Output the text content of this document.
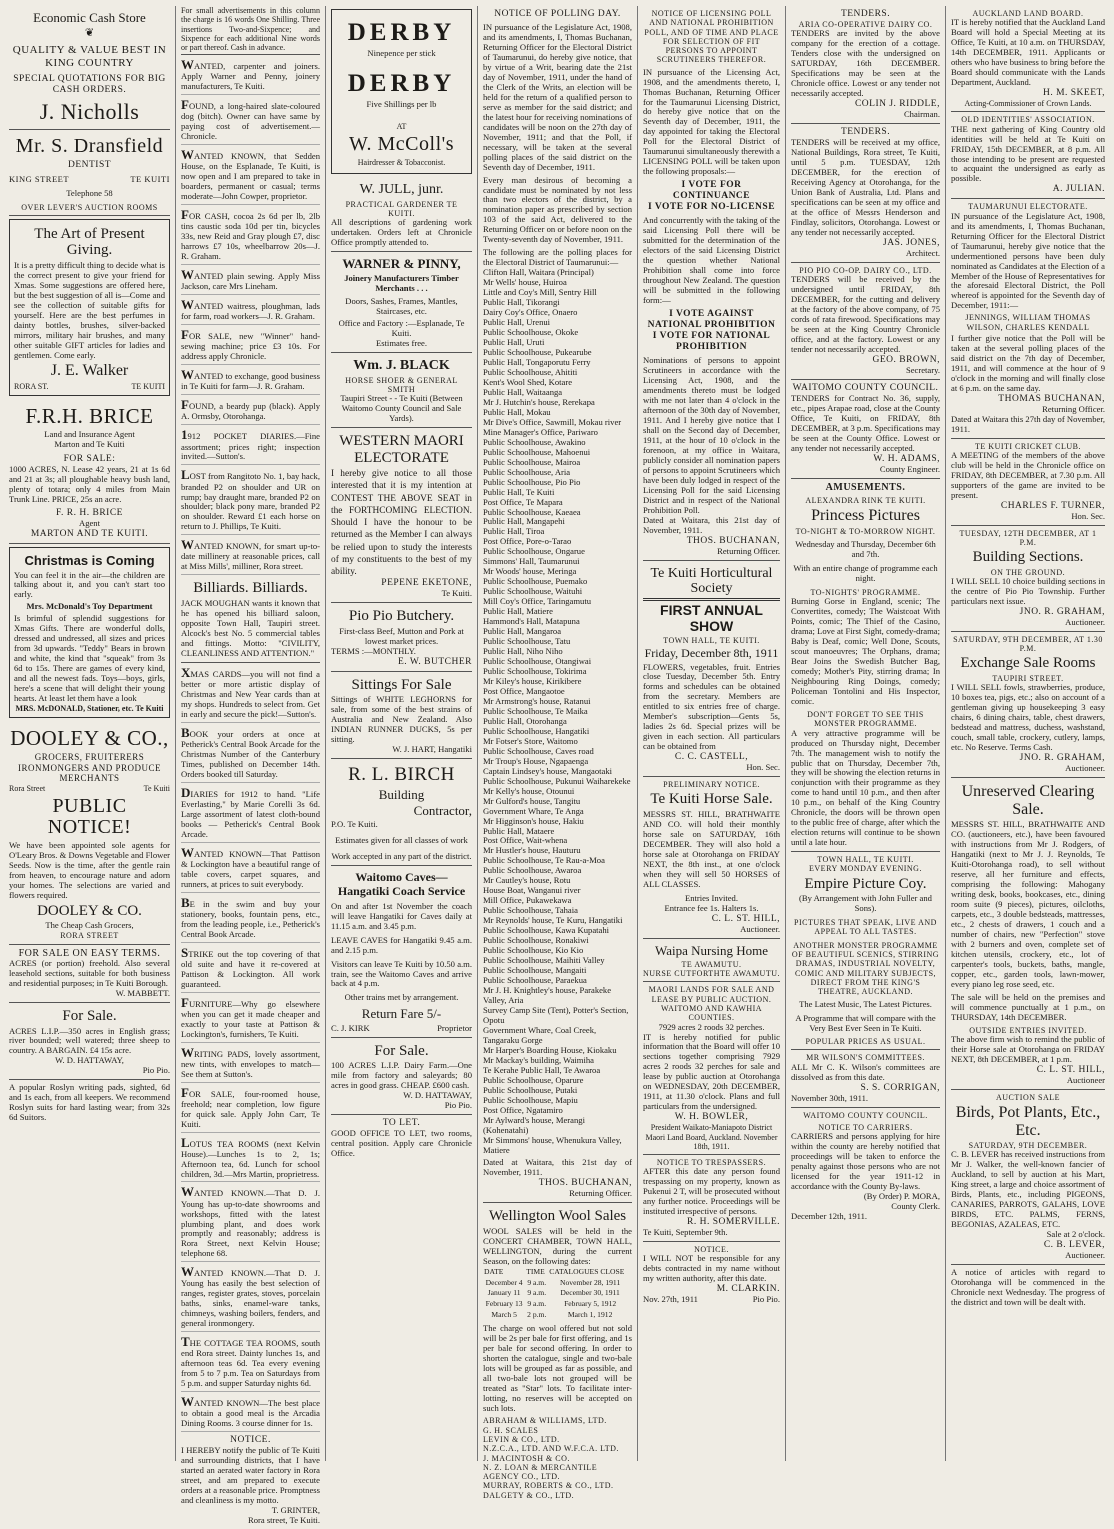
Economic Cash Store
❦
QUALITY & VALUE BEST IN KING COUNTRY
SPECIAL QUOTATIONS FOR BIG CASH ORDERS.
J. Nicholls
Mr. S. Dransfield
DENTIST
KING STREET	TE KUITI
Telephone 58
OVER LEVER'S AUCTION ROOMS
The Art of Present Giving.
It is a pretty difficult thing to decide what is the correct present to give your friend for Xmas. Some suggestions are offered here, but the best suggestion of all is—Come and see the collection of suitable gifts for yourself. Here are the best perfumes in dainty bottles, brushes, silver-backed mirrors, military hair brushes, and many other suitable GIFT articles for ladies and gentlemen. Come early.
J. E. Walker
RORA ST.	TE KUITI
F.R.H. BRICE
Land and Insurance Agent
Marton and Te Kuiti
FOR SALE:
1000 ACRES, N. Lease 42 years, 21 at 1s 6d and 21 at 3s; all ploughable heavy bush land, plenty of totara; only 4 miles from Main Trunk Line. PRICE, 25s an acre.
F. R. H. BRICE
Agent
MARTON AND TE KUITI.
Christmas is Coming
You can feel it in the air—the children are talking about it, and you can't start too early.
Mrs. McDonald's Toy Department
Is brimful of splendid suggestions for Xmas Gifts. There are wonderful dolls, dressed and undressed, all sizes and prices from 3d upwards. "Teddy" Bears in brown and white, the kind that "squeak" from 3s 6d to 15s. There are games of every kind, and all the newest fads. Toys—boys, girls, here's a scene that will delight their young hearts. At least let them have a look
MRS. McDONALD, Stationer, etc. Te Kuiti
DOOLEY & CO.,
GROCERS, FRUITERERS IRONMONGERS AND PRODUCE MERCHANTS
Rora Street	Te Kuiti
PUBLIC NOTICE!
We have been appointed sole agents for O'Leary Bros. & Downs Vegetable and Flower Seeds. Now is the time, after the gentle rain from heaven, to encourage nature and adorn your homes. The selections are varied and flowers required.
DOOLEY & CO.
The Cheap Cash Grocers,
RORA STREET
FOR SALE ON EASY TERMS.
ACRES (or portion) freehold. Also several leasehold sections, suitable for both business and residential purposes; in Te Kuiti Borough.
W. MABBETT.
For Sale.
ACRES L.I.P.—350 acres in English grass; river bounded; well watered; three sheep to country. A BARGAIN. £4 15s acre.
W. D. HATTAWAY,
Pio Pio.
A popular Roslyn writing pads, sighted, 6d and 1s each, from all keepers. We recommend Roslyn suits for hard lasting wear; from 32s 6d Suitors.
For small advertisements in this column the charge is 16 words One Shilling. Three insertions Two-and-Sixpence; and Sixpence for each additional Nine words or part thereof. Cash in advance.
WANTED, carpenter and joiners. Apply Warner and Penny, joinery manufacturers, Te Kuiti.
FOUND, a long-haired slate-coloured dog (bitch). Owner can have same by paying cost of advertisement.—Chronicle.
WANTED KNOWN, that Sedden House, on the Esplanade, Te Kuiti, is now open and I am prepared to take in boarders, permanent or casual; terms moderate—John Cowper, proprietor.
FOR CASH, cocoa 2s 6d per lb, 2lb tins caustic soda 10d per tin, bicycles 33s, new Reid and Gray plough £7, disc harrows £7 10s, wheelbarrow 20s—J. R. Graham.
WANTED plain sewing. Apply Miss Jackson, care Mrs Lineham.
WANTED waitress, ploughman, lads for farm, road workers—J. R. Graham.
FOR SALE, new "Winner" hand-sewing machine; price £3 10s. For address apply Chronicle.
WANTED to exchange, good business in Te Kuiti for farm—J. R. Graham.
FOUND, a beardy pup (black). Apply A. Ormsby, Otorohanga.
1912 POCKET DIARIES.—Fine assortment; prices right; inspection invited.—Sutton's.
LOST from Rangitoto No. 1, bay hack, branded P2 on shoulder and UR on rump; bay draught mare, branded P2 on shoulder; black pony mare, branded P2 on shoulder. Reward £1 each horse on return to J. Phillips, Te Kuiti.
WANTED KNOWN, for smart up-to-date millinery at reasonable prices, call at Miss Mills', milliner, Rora street.
Billiards. Billiards.
JACK MOUGHAN wants it known that he has opened his billiard saloon, opposite Town Hall, Taupiri street. Alcock's best No. 5 commercial tables and fittings. Motto: "CIVILITY, CLEANLINESS AND ATTENTION."
XMAS CARDS—you will not find a better or more artistic display of Christmas and New Year cards than at my shops. Hundreds to select from. Get in early and secure the pick!—Sutton's.
BOOK your orders at once at Petherick's Central Book Arcade for the Christmas Number of the Canterbury Times, published on December 14th. Orders booked till Saturday.
DIARIES for 1912 to hand. "Life Everlasting," by Marie Corelli 3s 6d. Large assortment of latest cloth-bound books — Petherick's Central Book Arcade.
WANTED KNOWN—That Pattison & Lockington have a beautiful range of table covers, carpet squares, and runners, at prices to suit everybody.
BE in the swim and buy your stationery, books, fountain pens, etc., from the leading people, i.e., Petherick's Central Book Arcade.
STRIKE out the top covering of that old suite and have it re-covered at Pattison & Lockington. All work guaranteed.
FURNITURE—Why go elsewhere when you can get it made cheaper and exactly to your taste at Pattison & Lockington's, furnishers, Te Kuiti.
WRITING PADS, lovely assortment, new tints, with envelopes to match—See them at Sutton's.
FOR SALE, four-roomed house, freehold; near completion, low figure for quick sale. Apply John Carr, Te Kuiti.
LOTUS TEA ROOMS (next Kelvin House).—Lunches 1s to 2, 1s; Afternoon tea, 6d. Lunch for school children, 3d.—Mrs Martin, proprietress.
WANTED KNOWN.—That D. J. Young has up-to-date showrooms and workshops, fitted with the latest plumbing plant, and does work promptly and reasonably; address is Rora Street, next Kelvin House; telephone 68.
WANTED KNOWN.—That D. J. Young has easily the best selection of ranges, register grates, stoves, porcelain baths, sinks, enamel-ware tanks, chimneys, washing boilers, fenders, and general ironmongery.
THE COTTAGE TEA ROOMS, south end Rora street. Dainty lunches 1s, and afternoon teas 6d. Tea every evening from 5 to 7 p.m. Tea on Saturdays from 5 p.m. and supper Saturday nights 6d.
WANTED KNOWN—The best place to obtain a good meal is the Arcadia Dining Rooms. 3 course dinner for 1s.
NOTICE.
I HEREBY notify the public of Te Kuiti and surrounding districts, that I have started an aerated water factory in Rora street, and am prepared to execute orders at a reasonable price. Promptness and cleanliness is my motto.
T. GRINTER,
Rora street, Te Kuiti.
DERBY
Ninepence per stick
DERBY
Five Shillings per lb
AT
W. McColl's
Hairdresser & Tobacconist.
W. JULL, junr.
PRACTICAL GARDENER TE KUITI.
All descriptions of gardening work undertaken. Orders left at Chronicle Office promptly attended to.
WARNER & PINNY,
Joinery Manufacturers Timber Merchants . . .
Doors, Sashes, Frames, Mantles, Staircases, etc.
Office and Factory :—Esplanade, Te Kuiti.
Estimates free.
Wm. J. BLACK
HORSE SHOER & GENERAL SMITH
Taupiri Street - - Te Kuiti (Between Waitomo County Council and Sale Yards).
WESTERN MAORI ELECTORATE
I hereby give notice to all those interested that it is my intention at CONTEST THE ABOVE SEAT in the FORTHCOMING ELECTION. Should I have the honour to be returned as the Member I can always be relied upon to study the interests of my constituents to the best of my ability.
PEPENE EKETONE,
Te Kuiti.
Pio Pio Butchery.
First-class Beef, Mutton and Pork at lowest market prices.
TERMS :—MONTHLY.
E. W. BUTCHER
Sittings For Sale
Sittings of WHITE LEGHORNS for sale, from some of the best strains of Australia and New Zealand. Also INDIAN RUNNER DUCKS, 5s per sitting.
W. J. HART, Hangatiki
R. L. BIRCH
Building
Contractor,
P.O. Te Kuiti.
Estimates given for all classes of work
Work accepted in any part of the district.
Waitomo Caves—Hangatiki Coach Service
On and after 1st November the coach will leave Hangatiki for Caves daily at 11.15 a.m. and 3.45 p.m.
LEAVE CAVES for Hangatiki 9.45 a.m. and 2.15 p.m.
Visitors can leave Te Kuiti by 10.50 a.m. train, see the Waitomo Caves and arrive back at 4 p.m.
Other trains met by arrangement.
Return Fare 5/-
C. J. KIRK	Proprietor
For Sale.
100 ACRES L.I.P. Dairy Farm.—One mile from factory and saleyards; 80 acres in good grass. CHEAP. £600 cash.
W. D. HATTAWAY,
Pio Pio.
TO LET.
GOOD OFFICE TO LET, two rooms, central position. Apply care Chronicle Office.
NOTICE OF POLLING DAY.
IN pursuance of the Legislature Act, 1908, and its amendments, I, Thomas Buchanan, Returning Officer for the Electoral District of Taumarunui, do hereby give notice, that by virtue of a Writ, bearing date the 21st day of November, 1911, under the hand of the Clerk of the Writs, an election will be held for the return of a qualified person to serve as member for the said district; and the latest hour for receiving nominations of candidates will be noon on the 27th day of November, 1911; and that the Poll, if necessary, will be taken at the several polling places of the said district on the Seventh day of December, 1911.
Every man desirous of becoming a candidate must be nominated by not less than two electors of the district, by a nomination paper as prescribed by section 103 of the said Act, delivered to the Returning Officer on or before noon on the Twenty-seventh day of November, 1911.
The following are the polling places for the Electoral District of Taumarunui:—
Clifton Hall, Waitara (Principal)
Mr Wells' house, Huiroa
Little and Coy's Mill, Sentry Hill
Public Hall, Tikorangi
Dairy Coy's Office, Onaero
Public Hall, Urenui
Public Schoolhouse, Okoke
Public Hall, Uruti
Public Schoolhouse, Pukearube
Public Hall, Tongaporutu Ferry
Public Schoolhouse, Ahititi
Kent's Wool Shed, Kotare
Public Hall, Waitaanga
Mr J. Hutchin's house, Rerekapa
Public Hall, Mokau
Mr Dive's Office, Sawmill, Mokau river
Mine Manager's Office, Pariwaro
Public Schoolhouse, Awakino
Public Schoolhouse, Mahoenui
Public Schoolhouse, Mairoa
Public Schoolhouse, Aria
Public Schoolhouse, Pio Pio
Public Hall, Te Kuiti
Post Office, Te Mapara
Public Schoolhouse, Kaeaea
Public Hall, Mangapehi
Public Hall, Tiroa
Post Office, Pore-o-Tarao
Public Schoolhouse, Ongarue
Simmons' Hall, Taumarunui
Mr Woods' house, Meringa
Public Schoolhouse, Puemako
Public Schoolhouse, Waituhi
Mill Coy's Office, Taringamutu
Public Hall, Matiere
Hammond's Hall, Matapuna
Public Hall, Mangaroa
Public Schoolhouse, Tatu
Public Hall, Niho Niho
Public Schoolhouse, Otangiwai
Public Schoolhouse, Tokirima
Mr Kiley's house, Kirikibere
Post Office, Mangaotoe
Mr Armstrong's house, Ratanui
Public Schoolhouse, Te Maika
Public Hall, Otorohanga
Public Schoolhouse, Hangatiki
Mr Fotser's Store, Waitomo
Public Schoolhouse, Caves road
Mr Troup's House, Ngapaenga
Captain Lindsey's house, Mangaotaki
Public Schoolhouse, Pukunui Waiharekeke
Mr Kelly's house, Otounui
Mr Gulford's house, Tangitu
Government Whare, Te Anga
Mr Higginson's house, Hakiu
Public Hall, Mataere
Post Office, Wait-whena
Mr Hustler's house, Hauturu
Public Schoolhouse, Te Rau-a-Moa
Public Schoolhouse, Awaroa
Mr Cautley's house, Rotu
House Boat, Wanganui river
Mill Office, Pukawekawa
Public Schoolhouse, Tahaia
Mr Reynolds' house, Te Kuru, Hangatiki
Public Schoolhouse, Kawa Kupatahi
Public Schoolhouse, Ronakiwi
Public Schoolhouse, Kio Kio
Public Schoolhouse, Maihiti Valley
Public Schoolhouse, Mangaiti
Public Schoolhouse, Paraekua
Mr J. H. Knightley's house, Parakeke Valley, Aria
Survey Camp Site (Tent), Potter's Section, Opotu
Government Whare, Coal Creek, Tangaraku Gorge
Mr Harper's Boarding House, Kiokaku
Mr Mackay's building, Waimiha
Te Kerahe Public Hall, Te Awaroa
Public Schoolhouse, Oparure
Public Schoolhouse, Putaki
Public Schoolhouse, Mapiu
Post Office, Ngatamiro
Mr Aylward's house, Merangi (Kohenatahi)
Mr Simmons' house, Whenukura Valley, Matiere
Dated at Waitara, this 21st day of November, 1911.
THOS. BUCHANAN,
Returning Officer.
Wellington Wool Sales
WOOL SALES will be held in the CONCERT CHAMBER, TOWN HALL, WELLINGTON, during the current Season, on the following dates:
DATE	TIME	CATALOGUES CLOSE
December 4	9 a.m.	November 28, 1911
January 11	9 a.m.	December 30, 1911
February 13	9 a.m.	February 5, 1912
March 5	2 p.m.	March 1, 1912
The charge on wool offered but not sold will be 2s per bale for first offering, and 1s per bale for second offering. In order to shorten the catalogue, single and two-bale lots will be grouped as far as possible, and all two-bale lots not grouped will be treated as "Star" lots. To facilitate inter-lotting, no reserves will be accepted on such lots.
ABRAHAM & WILLIAMS, LTD.
G. H. SCALES
LEVIN & CO., LTD.
N.Z.C.A., LTD. AND W.F.C.A. LTD.
J. MACINTOSH & CO.
N. Z. LOAN & MERCANTILE AGENCY CO., LTD.
MURRAY, ROBERTS & CO., LTD.
DALGETY & CO., LTD.
NOTICE OF LICENSING POLL AND NATIONAL PROHIBITION POLL, AND OF TIME AND PLACE FOR SELECTION OF FIT PERSONS TO APPOINT SCRUTINEERS THEREFOR.
IN pursuance of the Licensing Act, 1908, and the amendments thereto, I, Thomas Buchanan, Returning Officer for the Taumarunui Licensing District, do hereby give notice that on the Seventh day of December, 1911, the day appointed for taking the Electoral Poll for the Electoral District of Taumarunui simultaneously therewith a LICENSING POLL will be taken upon the following proposals:—
I VOTE FOR CONTINUANCE
I VOTE FOR NO-LICENSE
And concurrently with the taking of the said Licensing Poll there will be submitted for the determination of the electors of the said Licensing District the question whether National Prohibition shall come into force throughout New Zealand. The question will be submitted in the following form:—
I VOTE AGAINST NATIONAL PROHIBITION
I VOTE FOR NATIONAL PROHIBITION
Nominations of persons to appoint Scrutineers in accordance with the Licensing Act, 1908, and the amendments thereto must be lodged with me not later than 4 o'clock in the afternoon of the 30th day of November, 1911. And I hereby give notice that I shall on the Second day of December, 1911, at the hour of 10 o'clock in the forenoon, at my office in Waitara, publicly consider all nomination papers of persons to appoint Scrutineers which have been duly lodged in respect of the Licensing Poll for the said Licensing District and in respect of the National Prohibition Poll.
Dated at Waitara, this 21st day of November, 1911.
THOS. BUCHANAN,
Returning Officer.
Te Kuiti Horticultural Society
FIRST ANNUAL SHOW
TOWN HALL, TE KUITI.
Friday, December 8th, 1911
FLOWERS, vegetables, fruit. Entries close Tuesday, December 5th. Entry forms and schedules can be obtained from the secretary. Members are entitled to six entries free of charge. Member's subscription—Gents 5s, ladies 2s 6d. Special prizes will be given in each section. All particulars can be obtained from
C. C. CASTELL,
Hon. Sec.
PRELIMINARY NOTICE.
Te Kuiti Horse Sale.
MESSRS ST. HILL, BRATHWAITE AND CO. will hold their monthly horse sale on SATURDAY, 16th DECEMBER. They will also hold a horse sale at Otorohanga on FRIDAY NEXT, the 8th inst., at one o'clock when they will sell 50 HORSES of ALL CLASSES.
Entries Invited.
Entrance fee 1s. Halters 1s.
C. L. ST. HILL,
Auctioneer.
Waipa Nursing Home
TE AWAMUTU.
NURSE CUTFORTH TE AWAMUTU.
MAORI LANDS FOR SALE AND LEASE BY PUBLIC AUCTION.
WAITOMO AND KAWHIA COUNTIES.
7929 acres 2 roods 32 perches.
IT is hereby notified for public information that the Board will offer 10 sections together comprising 7929 acres 2 roods 32 perches for sale and lease by public auction at Otorohanga on WEDNESDAY, 20th DECEMBER, 1911, at 11.30 o'clock. Plans and full particulars from the undersigned.
W. H. BOWLER,
President Waikato-Maniapoto District Maori Land Board, Auckland. November 18th, 1911.
NOTICE TO TRESPASSERS.
AFTER this date any person found trespassing on my property, known as Pukenui 2 T, will be prosecuted without any further notice. Proceedings will be instituted irrespective of persons.
R. H. SOMERVILLE.
Te Kuiti, September 9th.
NOTICE.
I WILL NOT be responsible for any debts contracted in my name without my written authority, after this date.
M. CLARKIN.
Nov. 27th, 1911	Pio Pio.
TENDERS.
ARIA CO-OPERATIVE DAIRY CO.
TENDERS are invited by the above company for the erection of a cottage. Tenders close with the undersigned on SATURDAY, 16th DECEMBER. Specifications may be seen at the Chronicle office. Lowest or any tender not necessarily accepted.
COLIN J. RIDDLE,
Chairman.
TENDERS.
TENDERS will be received at my office, National Buildings, Rora street, Te Kuiti, until 5 p.m. TUESDAY, 12th DECEMBER, for the erection of Receiving Agency at Otorohanga, for the Union Bank of Australia, Ltd. Plans and specifications can be seen at my office and at the office of Messrs Henderson and Findlay, solicitors, Otorohanga. Lowest or any tender not necessarily accepted.
JAS. JONES,
Architect.
PIO PIO CO-OP. DAIRY CO., LTD.
TENDERS will be received by the undersigned until FRIDAY, 8th DECEMBER, for the cutting and delivery at the factory of the above company, of 75 cords of rata firewood. Specifications may be seen at the King Country Chronicle office, and at the factory. Lowest or any tender not necessarily accepted.
GEO. BROWN,
Secretary.
WAITOMO COUNTY COUNCIL.
TENDERS for Contract No. 36, supply, etc., pipes Arapae road, close at the County Office, Te Kuiti, on FRIDAY, 8th DECEMBER, at 3 p.m. Specifications may be seen at the County Office. Lowest or any tender not necessarily accepted.
W. H. ADAMS,
County Engineer.
AMUSEMENTS.
ALEXANDRA RINK TE KUITI.
Princess Pictures
TO-NIGHT & TO-MORROW NIGHT.
Wednesday and Thursday, December 6th and 7th.
With an entire change of programme each night.
TO-NIGHTS' PROGRAMME.
Burning Gorse in England, scenic; The Convertites, comedy; The Waistcoat With Points, comic; The Thief of the Casino, drama; Love at First Sight, comedy-drama; Baby is Deaf, comic; Well Done, Scouts, scout manoeuvres; The Orphans, drama; Bear Joins the Swedish Butcher Bag, comedy; Mother's Pity, stirring drama; In Neighbouring Ring Doings, comedy; Policeman Tontolini and His Inspector, comic.
DON'T FORGET TO SEE THIS MONSTER PROGRAMME.
A very attractive programme will be produced on Thursday night, December 7th. The management wish to notify the public that on Thursday, December 7th, they will be showing the election returns in conjunction with their programme as they come to hand until 10 p.m., and then after 10 p.m., on behalf of the King Country Chronicle, the doors will be thrown open to the public free of charge, after which the election returns will continue to be shown until a late hour.
TOWN HALL, TE KUITI.
EVERY MONDAY EVENING.
Empire Picture Coy.
(By Arrangement with John Fuller and Sons).
PICTURES THAT SPEAK, LIVE AND APPEAL TO ALL TASTES.
ANOTHER MONSTER PROGRAMME OF BEAUTIFUL SCENICS, STIRRING DRAMAS, INDUSTRIAL NOVELTY, COMIC AND MILITARY SUBJECTS, DIRECT FROM THE KING'S THEATRE, AUCKLAND.
The Latest Music, The Latest Pictures.
A Programme that will compare with the Very Best Ever Seen in Te Kuiti.
POPULAR PRICES AS USUAL.
MR WILSON'S COMMITTEES.
ALL Mr C. K. Wilson's committees are dissolved as from this date.
S. S. CORRIGAN,
November 30th, 1911.
WAITOMO COUNTY COUNCIL.
NOTICE TO CARRIERS.
CARRIERS and persons applying for hire within the county are hereby notified that proceedings will be taken to enforce the penalty against those persons who are not licensed for the year 1911-12 in accordance with the County By-laws.
(By Order) P. MORA,
County Clerk.
December 12th, 1911.
AUCKLAND LAND BOARD.
IT is hereby notified that the Auckland Land Board will hold a Special Meeting at its Office, Te Kuiti, at 10 a.m. on THURSDAY, 14th DECEMBER, 1911. Applicants or others who have business to bring before the Board should communicate with the Lands Department, Auckland.
H. M. SKEET,
Acting-Commissioner of Crown Lands.
OLD IDENTITIES' ASSOCIATION.
THE next gathering of King Country old identities will be held at Te Kuiti on FRIDAY, 15th DECEMBER, at 8 p.m. All those intending to be present are requested to acquaint the undersigned as early as possible.
A. JULIAN.
TAUMARUNUI ELECTORATE.
IN pursuance of the Legislature Act, 1908, and its amendments, I, Thomas Buchanan, Returning Officer for the Electoral District of Taumarunui, hereby give notice that the undermentioned persons have been duly nominated as Candidates at the Election of a Member of the House of Representatives for the aforesaid Electoral District, the Poll whereof is appointed for the Seventh day of December, 1911:—
JENNINGS, WILLIAM THOMAS WILSON, CHARLES KENDALL
I further give notice that the Poll will be taken at the several polling places of the said district on the 7th day of December, 1911, and will commence at the hour of 9 o'clock in the morning and will finally close at 6 p.m. on the same day.
THOMAS BUCHANAN,
Returning Officer.
Dated at Waitara this 27th day of November, 1911.
TE KUITI CRICKET CLUB.
A MEETING of the members of the above club will be held in the Chronicle office on FRIDAY, 8th DECEMBER, at 7.30 p.m. All supporters of the game are invited to be present.
CHARLES F. TURNER,
Hon. Sec.
TUESDAY, 12TH DECEMBER, AT 1 P.M.
Building Sections.
ON THE GROUND.
I WILL SELL 10 choice building sections in the centre of Pio Pio Township. Further particulars next issue.
JNO. R. GRAHAM,
Auctioneer.
SATURDAY, 9TH DECEMBER, AT 1.30 P.M.
Exchange Sale Rooms
TAUPIRI STREET.
I WILL SELL fowls, strawberries, produce, 10 boxes tea, pigs, etc.; also on account of a gentleman giving up housekeeping 3 easy chairs, 6 dining chairs, table, chest drawers, bedstead and mattress, duchess, washstand, couch, small table, crockery, cutlery, lamps, etc. No Reserve. Terms Cash.
JNO. R. GRAHAM,
Auctioneer.
Unreserved Clearing Sale.
MESSRS ST. HILL, BRATHWAITE AND CO. (auctioneers, etc.), have been favoured with instructions from Mr J. Rodgers, of Hangatiki (next to Mr J. J. Reynolds, Te Kuiti-Otorohanga road), to sell without reserve, all her furniture and effects, comprising the following: Mahogany writing desk, books, bookcases, etc., dining room suite (9 pieces), pictures, oilcloths, carpets, etc., 3 double bedsteads, mattresses, etc., 2 chests of drawers, 1 couch and a number of chairs, new "Perfection" stove with 2 burners and oven, complete set of kitchen utensils, crockery, etc., lot of carpenter's tools, buckets, baths, mangle, copper, etc., garden tools, lawn-mower, every piano leg rose seed, etc.
The sale will be held on the premises and will commence punctually at 1 p.m., on THURSDAY, 14th DECEMBER.
OUTSIDE ENTRIES INVITED.
The above firm wish to remind the public of their Horse sale at Otorohanga on FRIDAY NEXT, 8th DECEMBER, at 1 p.m.
C. L. ST. HILL,
Auctioneer
AUCTION SALE
Birds, Pot Plants, Etc., Etc.
SATURDAY, 9TH DECEMBER.
C. B. LEVER has received instructions from Mr J. Walker, the well-known fancier of Auckland, to sell by auction at his Mart, King street, a large and choice assortment of Birds, Plants, etc., including PIGEONS, CANARIES, PARROTS, GALAHS, LOVE BIRDS, ETC. PALMS, FERNS, BEGONIAS, AZALEAS, ETC.
Sale at 2 o'clock.
C. B. LEVER,
Auctioneer.
A notice of articles with regard to Otorohanga will be commenced in the Chronicle next Wednesday. The progress of the district and town will be dealt with.
